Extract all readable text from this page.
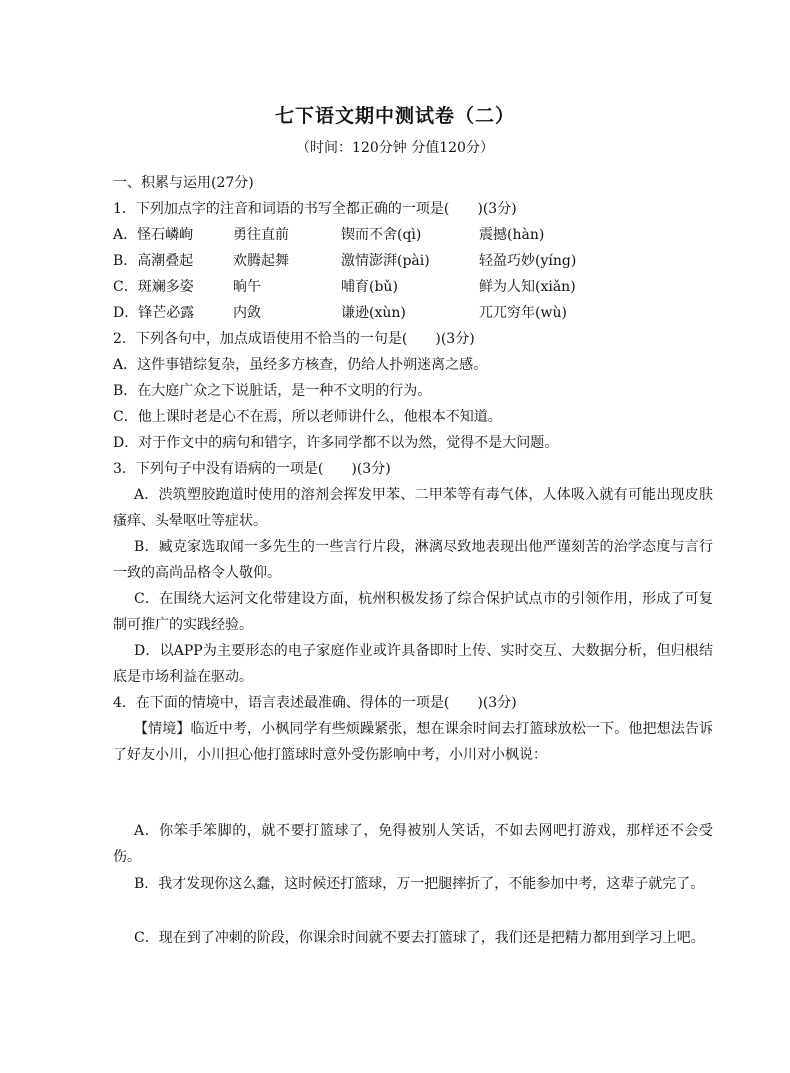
七下语文期中测试卷（二）
（时间：120分钟 分值120分）
一、积累与运用(27分)
1．下列加点字的注音和词语的书写全都正确的一项是(　　)(3分)
A．怪石嶙峋	勇往直前	锲而不舍(qì)	震撼(hàn)
B．高潮叠起	欢腾起舞	激情澎湃(pài)	轻盈巧妙(yíng)
C．斑斓多姿	晌午	哺育(bǔ)	鲜为人知(xiǎn)
D．锋芒必露	内敛	谦逊(xùn)	兀兀穷年(wù)
2．下列各句中，加点成语使用不恰当的一句是(　　)(3分)
A．这件事错综复杂，虽经多方核查，仍给人扑朔迷离之感。
B．在大庭广众之下说脏话，是一种不文明的行为。
C．他上课时老是心不在焉，所以老师讲什么，他根本不知道。
D．对于作文中的病句和错字，许多同学都不以为然，觉得不是大问题。
3．下列句子中没有语病的一项是(　　)(3分)
A．渋筑塑胶跑道时使用的溶剂会挥发甲苯、二甲苯等有毒气体，人体吸入就有可能出现皮肤瘙痒、头晕呕吐等症状。
B．臧克家选取闻一多先生的一些言行片段，淋漓尽致地表现出他严谨刻苦的治学态度与言行一致的高尚品格令人敬仰。
C．在围绕大运河文化带建设方面，杭州积极发扬了综合保护试点市的引领作用，形成了可复制可推广的实践经验。
D．以APP为主要形态的电子家庭作业或许具备即时上传、实时交互、大数据分析，但归根结底是市场利益在驱动。
4．在下面的情境中，语言表述最准确、得体的一项是(　　)(3分)
【情境】临近中考，小枫同学有些烦躁紧张，想在课余时间去打篮球放松一下。他把想法告诉了好友小川，小川担心他打篮球时意外受伤影响中考，小川对小枫说：
A．你笨手笨脚的，就不要打篮球了，免得被别人笑话，不如去网吧打游戏，那样还不会受伤。
B．我才发现你这么蠢，这时候还打篮球，万一把腿摔折了，不能参加中考，这辈子就完了。
C．现在到了冲刺的阶段，你课余时间就不要去打篮球了，我们还是把精力都用到学习上吧。
